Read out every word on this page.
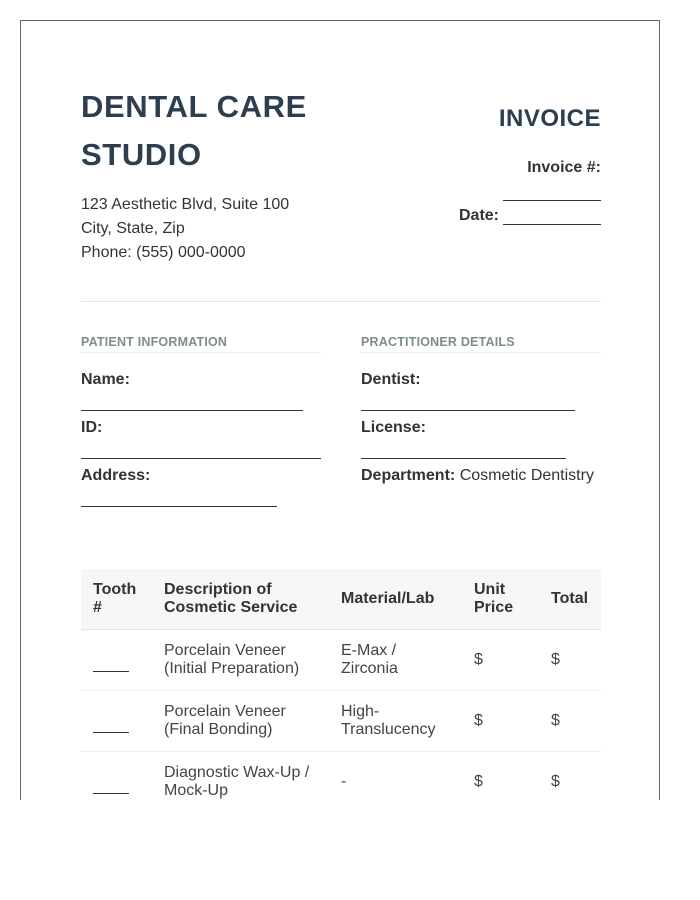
DENTAL CARE STUDIO
123 Aesthetic Blvd, Suite 100
City, State, Zip
Phone: (555) 000-0000
INVOICE
Invoice #:
Date:
PATIENT INFORMATION
Name:
ID:
Address:
PRACTITIONER DETAILS
Dentist:
License:
Department: Cosmetic Dentistry
Tooth #	Description of Cosmetic Service	Material/Lab	Unit Price	Total
	Porcelain Veneer (Initial Preparation)	E-Max / Zirconia	$	$
	Porcelain Veneer (Final Bonding)	High-Translucency	$	$
	Diagnostic Wax-Up / Mock-Up	-	$	$
